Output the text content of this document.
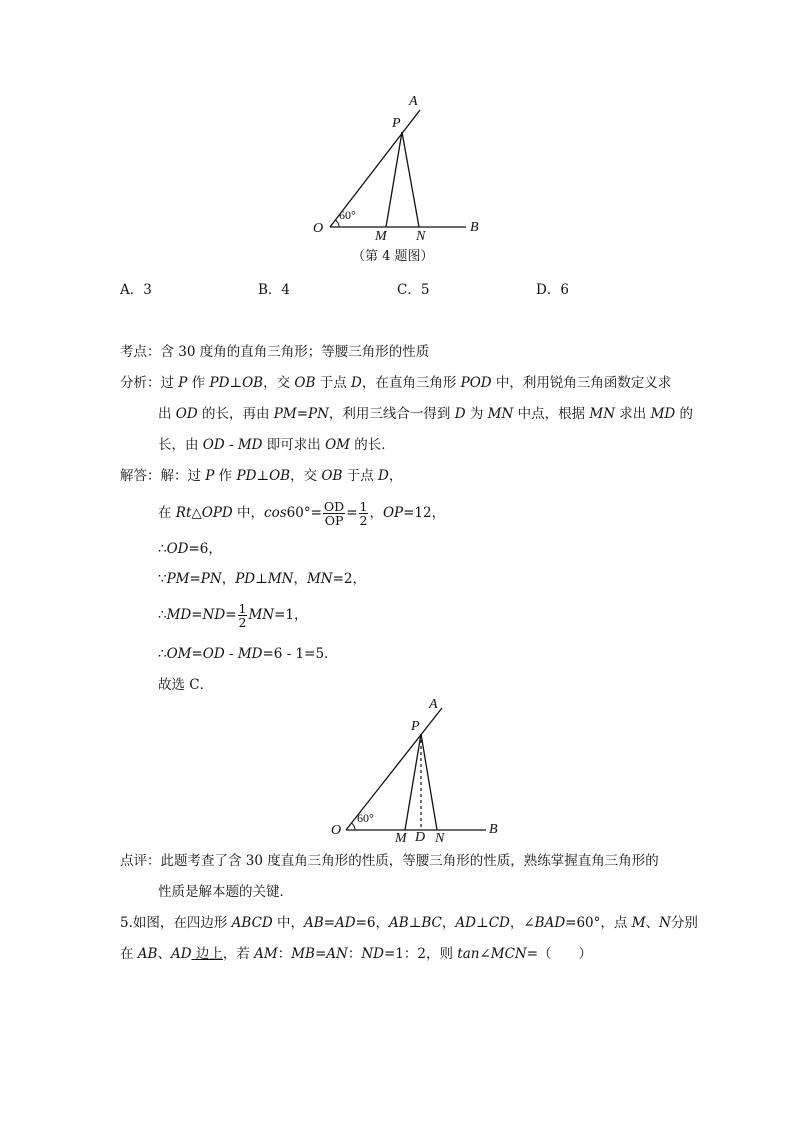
A
P
60°
O
M N
B
（第 4 题图）
A．3	B．4	C．5	D．6
考点：含 30 度角的直角三角形；等腰三角形的性质
分析：过 P 作 PD⊥OB，交 OB 于点 D，在直角三角形 POD 中，利用锐角三角函数定义求
出 OD 的长，再由 PM=PN，利用三线合一得到 D 为 MN 中点，根据 MN 求出 MD 的
长，由 OD - MD 即可求出 OM 的长．
解答：解：过 P 作 PD⊥OB，交 OB 于点 D，
在 Rt△OPD 中，$\cos 60^\circ= \frac{OD}{OP} = \frac{1}{2}$ ，OP=12，
∴OD=6，
∵PM=PN，PD⊥MN，MN=2，
∴MD=ND= $\frac{1}{2} MN=1$，
∴OM=OD - MD=6 - 1=5．
故选 C．
A
P
60°
O
M D N
B
点评：此题考查了含 30 度直角三角形的性质，等腰三角形的性质，熟练掌握直角三角形的
性质是解本题的关键．
5.如图，在四边形 ABCD 中，AB=AD=6，AB⊥BC，AD⊥CD，∠BAD=60°，点 M、N分别
在 AB、AD 边上，若 AM：MB=AN：ND=1：2，则 tan∠MCN=（　　）
